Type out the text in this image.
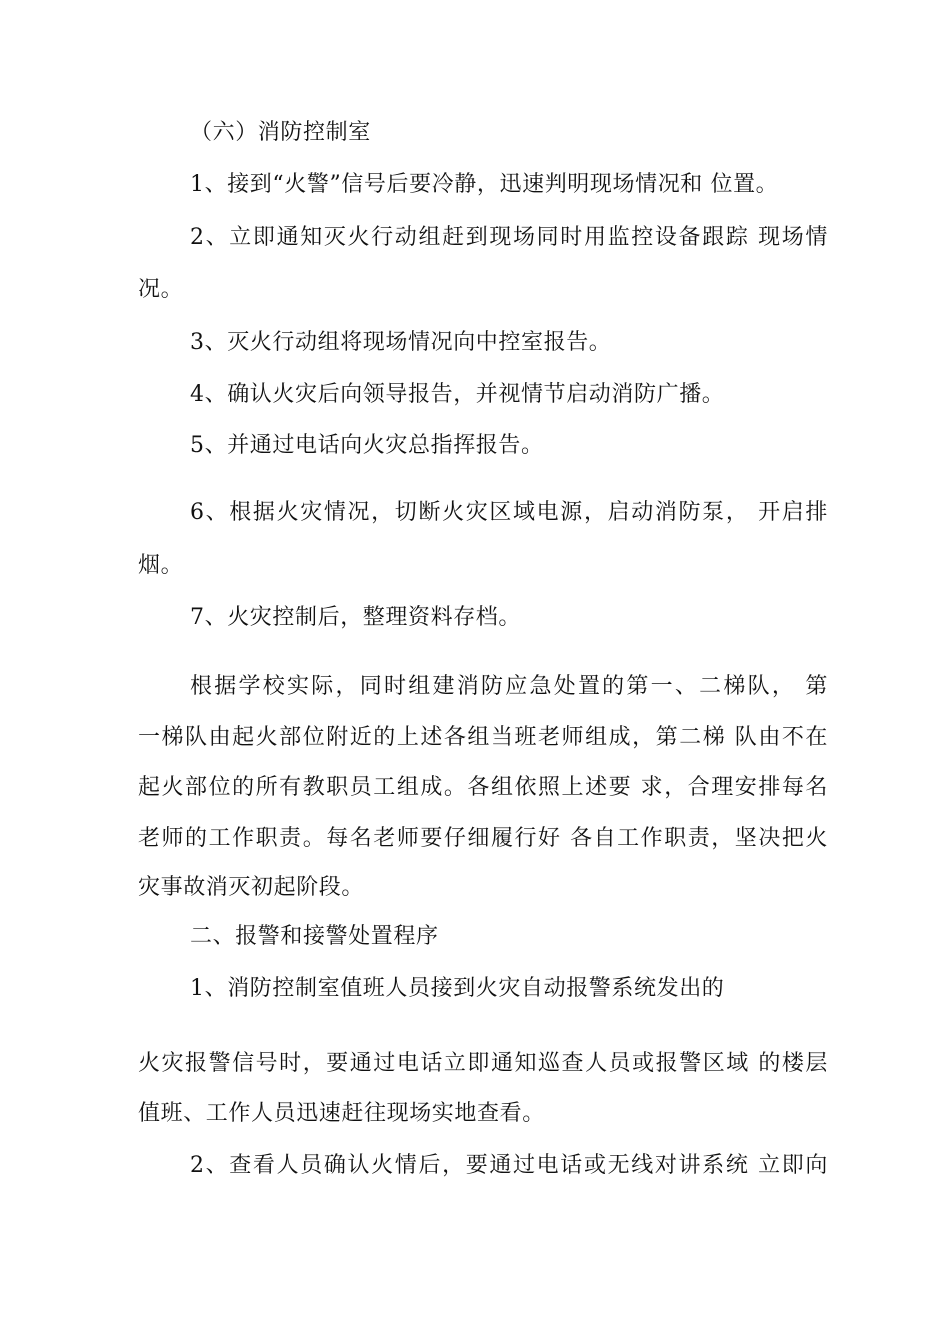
（六）消防控制室
1、接到“火警”信号后要冷静，迅速判明现场情况和 位置。
2、立即通知灭火行动组赶到现场同时用监控设备跟踪 现场情
况。
3、灭火行动组将现场情况向中控室报告。
4、确认火灾后向领导报告，并视情节启动消防广播。
5、并通过电话向火灾总指挥报告。
6、根据火灾情况，切断火灾区域电源，启动消防泵， 开启排
烟。
7、火灾控制后，整理资料存档。
根据学校实际，同时组建消防应急处置的第一、二梯队， 第
一梯队由起火部位附近的上述各组当班老师组成，第二梯 队由不在
起火部位的所有教职员工组成。各组依照上述要 求，合理安排每名
老师的工作职责。每名老师要仔细履行好 各自工作职责，坚决把火
灾事故消灭初起阶段。
二、报警和接警处置程序
1、消防控制室值班人员接到火灾自动报警系统发出的
火灾报警信号时，要通过电话立即通知巡查人员或报警区域 的楼层
值班、工作人员迅速赶往现场实地查看。
2、查看人员确认火情后，要通过电话或无线对讲系统 立即向
